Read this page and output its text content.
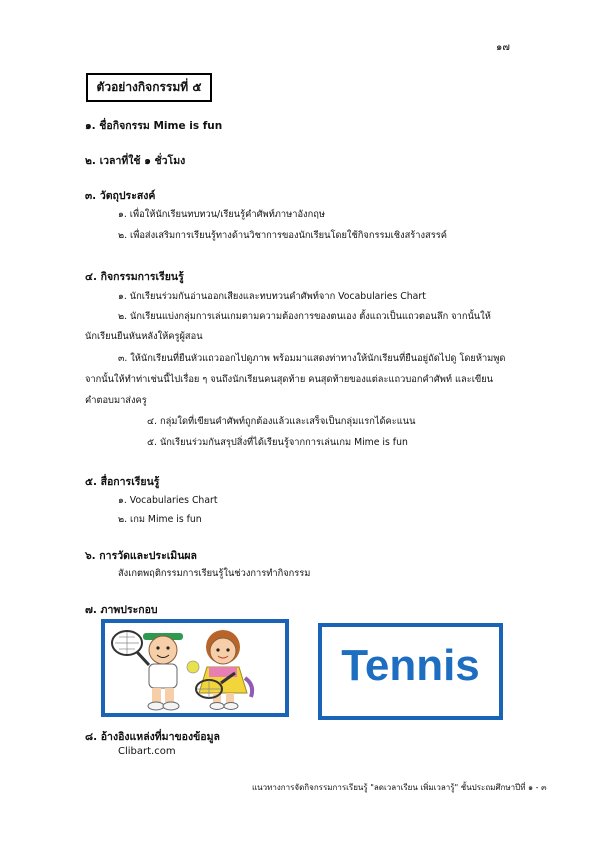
๑๗
ตัวอย่างกิจกรรมที่ ๕
๑. ชื่อกิจกรรม Mime is fun
๒. เวลาที่ใช้ ๑ ชั่วโมง
๓. วัตถุประสงค์
๑. เพื่อให้นักเรียนทบทวน/เรียนรู้คำศัพท์ภาษาอังกฤษ
๒. เพื่อส่งเสริมการเรียนรู้ทางด้านวิชาการของนักเรียนโดยใช้กิจกรรมเชิงสร้างสรรค์
๔. กิจกรรมการเรียนรู้
๑. นักเรียนร่วมกันอ่านออกเสียงและทบทวนคำศัพท์จาก Vocabularies Chart
๒. นักเรียนแบ่งกลุ่มการเล่นเกมตามความต้องการของตนเอง ตั้งแถวเป็นแถวตอนลึก จากนั้นให้
นักเรียนยืนหันหลังให้ครูผู้สอน
๓. ให้นักเรียนที่ยืนหัวแถวออกไปดูภาพ พร้อมมาแสดงท่าทางให้นักเรียนที่ยืนอยู่ถัดไปดู โดยห้ามพูด
จากนั้นให้ทำท่าเช่นนี้ไปเรื่อย ๆ จนถึงนักเรียนคนสุดท้าย คนสุดท้ายของแต่ละแถวบอกคำศัพท์ และเขียน
คำตอบมาส่งครู
๔. กลุ่มใดที่เขียนคำศัพท์ถูกต้องแล้วและเสร็จเป็นกลุ่มแรกได้คะแนน
๕. นักเรียนร่วมกันสรุปสิ่งที่ได้เรียนรู้จากการเล่นเกม Mime is fun
๕. สื่อการเรียนรู้
๑. Vocabularies Chart
๒. เกม Mime is fun
๖. การวัดและประเมินผล
สังเกตพฤติกรรมการเรียนรู้ในช่วงการทำกิจกรรม
๗. ภาพประกอบ
Tennis
๘. อ้างอิงแหล่งที่มาของข้อมูล
Clibart.com
แนวทางการจัดกิจกรรมการเรียนรู้ "ลดเวลาเรียน เพิ่มเวลารู้" ชั้นประถมศึกษาปีที่ ๑ - ๓
